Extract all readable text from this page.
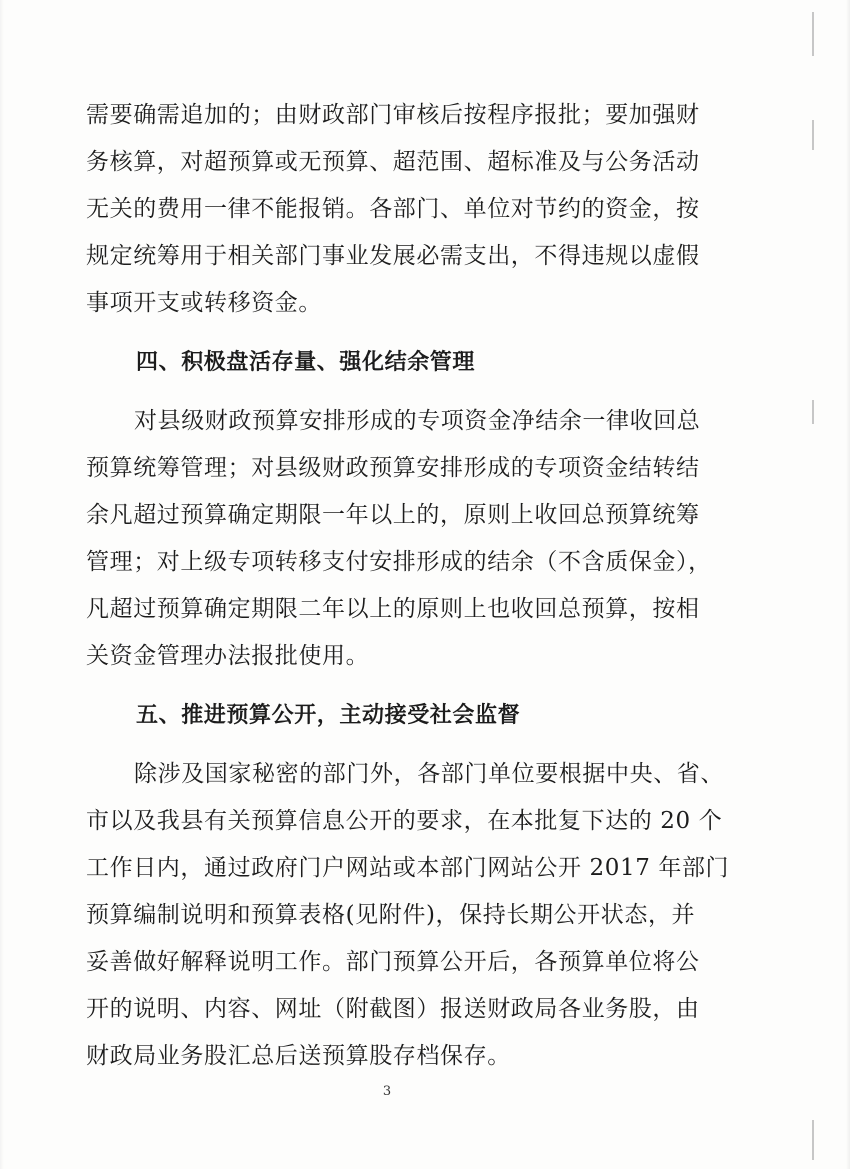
需要确需追加的；由财政部门审核后按程序报批；要加强财
务核算，对超预算或无预算、超范围、超标准及与公务活动
无关的费用一律不能报销。各部门、单位对节约的资金，按
规定统筹用于相关部门事业发展必需支出，不得违规以虚假
事项开支或转移资金。
四、积极盘活存量、强化结余管理
对县级财政预算安排形成的专项资金净结余一律收回总
预算统筹管理；对县级财政预算安排形成的专项资金结转结
余凡超过预算确定期限一年以上的，原则上收回总预算统筹
管理；对上级专项转移支付安排形成的结余（不含质保金），
凡超过预算确定期限二年以上的原则上也收回总预算，按相
关资金管理办法报批使用。
五、推进预算公开，主动接受社会监督
除涉及国家秘密的部门外，各部门单位要根据中央、省、
市以及我县有关预算信息公开的要求，在本批复下达的 20 个
工作日内，通过政府门户网站或本部门网站公开 2017 年部门
预算编制说明和预算表格(见附件)，保持长期公开状态，并
妥善做好解释说明工作。部门预算公开后，各预算单位将公
开的说明、内容、网址（附截图）报送财政局各业务股，由
财政局业务股汇总后送预算股存档保存。
3
